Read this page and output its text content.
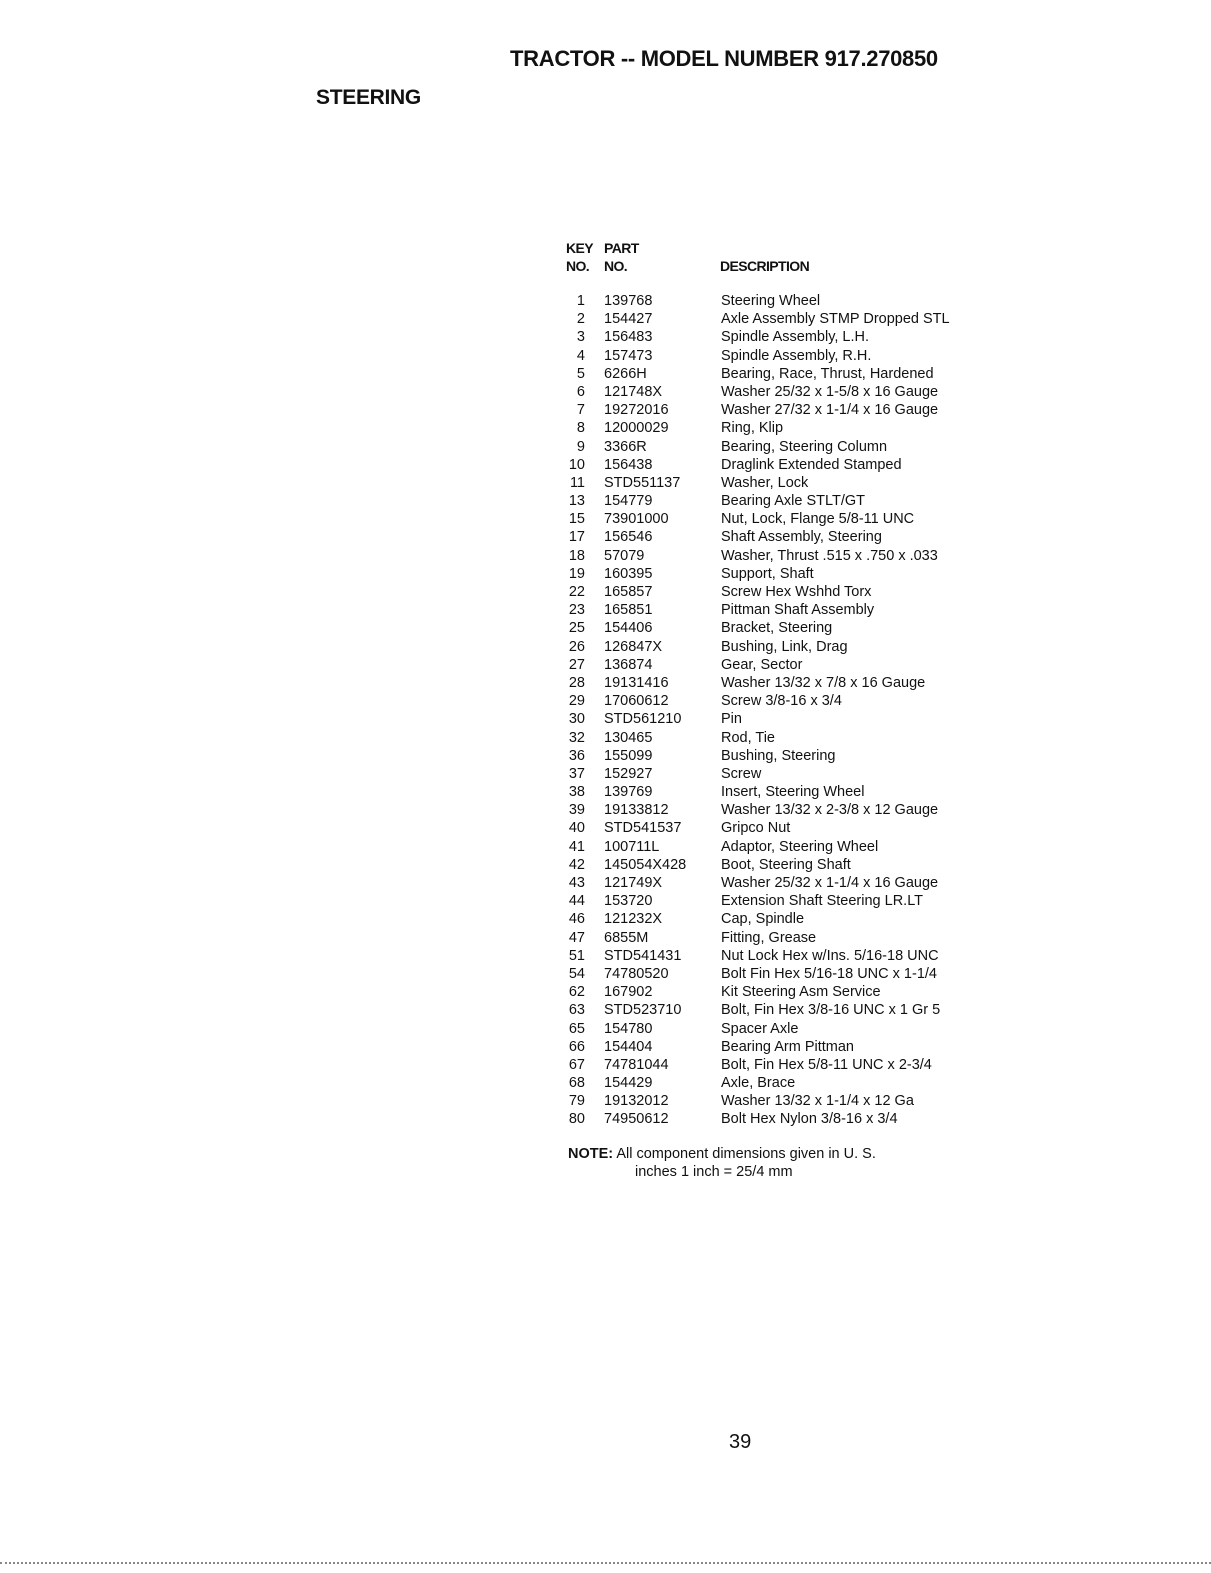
TRACTOR -- MODEL NUMBER 917.270850
STEERING
KEY
NO.
PART
NO.	DESCRIPTION
1 139768	Steering Wheel
2 154427	Axle Assembly STMP Dropped STL
3 156483	Spindle Assembly, L.H.
4 157473	Spindle Assembly, R.H.
5 6266H	Bearing, Race, Thrust, Hardened
6 121748X	Washer 25/32 x 1-5/8 x 16 Gauge
7 19272016	Washer 27/32 x 1-1/4 x 16 Gauge
8 12000029	Ring, Klip
9 3366R	Bearing, Steering Column
10 156438	Draglink Extended Stamped
11 STD551137	Washer, Lock
13 154779	Bearing Axle STLT/GT
15 73901000	Nut, Lock, Flange 5/8-11 UNC
17 156546	Shaft Assembly, Steering
18 57079	Washer, Thrust .515 x .750 x .033
19 160395	Support, Shaft
22 165857	Screw Hex Wshhd Torx
23 165851	Pittman Shaft Assembly
25 154406	Bracket, Steering
26 126847X	Bushing, Link, Drag
27 136874	Gear, Sector
28 19131416	Washer 13/32 x 7/8 x 16 Gauge
29 17060612	Screw 3/8-16 x 3/4
30 STD561210	Pin
32 130465	Rod, Tie
36 155099	Bushing, Steering
37 152927	Screw
38 139769	Insert, Steering Wheel
39 19133812	Washer 13/32 x 2-3/8 x 12 Gauge
40 STD541537	Gripco Nut
41 100711L	Adaptor, Steering Wheel
42 145054X428 Boot, Steering Shaft
43 121749X	Washer 25/32 x 1-1/4 x 16 Gauge
44 153720	Extension Shaft Steering LR.LT
46 121232X	Cap, Spindle
47 6855M	Fitting, Grease
51 STD541431	Nut Lock Hex w/Ins. 5/16-18 UNC
54 74780520	Bolt Fin Hex 5/16-18 UNC x 1-1/4
62 167902	Kit Steering Asm Service
63 STD523710	Bolt, Fin Hex 3/8-16 UNC x 1 Gr 5
65 154780	Spacer Axle
66 154404	Bearing Arm Pittman
67 74781044	Bolt, Fin Hex 5/8-11 UNC x 2-3/4
68 154429	Axle, Brace
79 19132012	Washer 13/32 x 1-1/4 x 12 Ga
80 74950612	Bolt Hex Nylon 3/8-16 x 3/4
NOTE: All component dimensions given in U. S.
inches 1 inch = 25/4 mm
39
